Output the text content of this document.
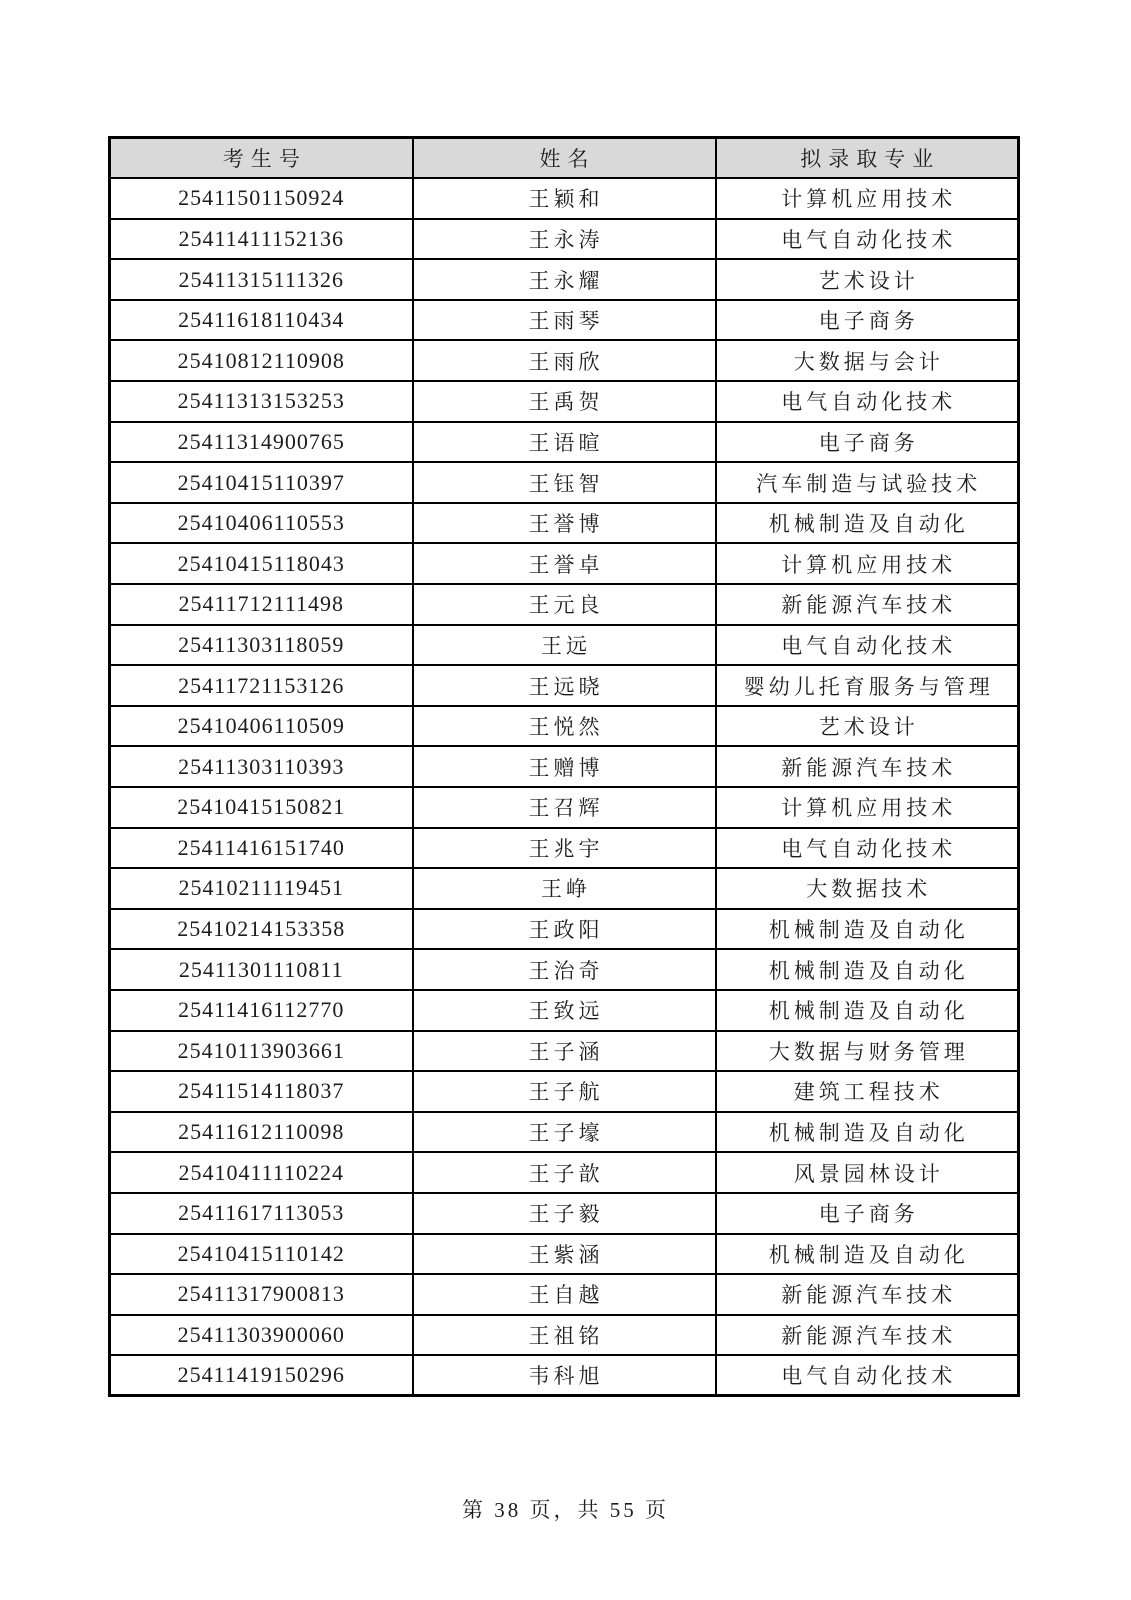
考生号	姓名	拟录取专业
25411501150924	王颖和	计算机应用技术
25411411152136	王永涛	电气自动化技术
25411315111326	王永耀	艺术设计
25411618110434	王雨琴	电子商务
25410812110908	王雨欣	大数据与会计
25411313153253	王禹贺	电气自动化技术
25411314900765	王语暄	电子商务
25410415110397	王钰智	汽车制造与试验技术
25410406110553	王誉博	机械制造及自动化
25410415118043	王誉卓	计算机应用技术
25411712111498	王元良	新能源汽车技术
25411303118059	王远	电气自动化技术
25411721153126	王远晓	婴幼儿托育服务与管理
25410406110509	王悦然	艺术设计
25411303110393	王赠博	新能源汽车技术
25410415150821	王召辉	计算机应用技术
25411416151740	王兆宇	电气自动化技术
25410211119451	王峥	大数据技术
25410214153358	王政阳	机械制造及自动化
25411301110811	王治奇	机械制造及自动化
25411416112770	王致远	机械制造及自动化
25410113903661	王子涵	大数据与财务管理
25411514118037	王子航	建筑工程技术
25411612110098	王子壕	机械制造及自动化
25410411110224	王子歆	风景园林设计
25411617113053	王子毅	电子商务
25410415110142	王紫涵	机械制造及自动化
25411317900813	王自越	新能源汽车技术
25411303900060	王祖铭	新能源汽车技术
25411419150296	韦科旭	电气自动化技术
第 38 页，共 55 页
